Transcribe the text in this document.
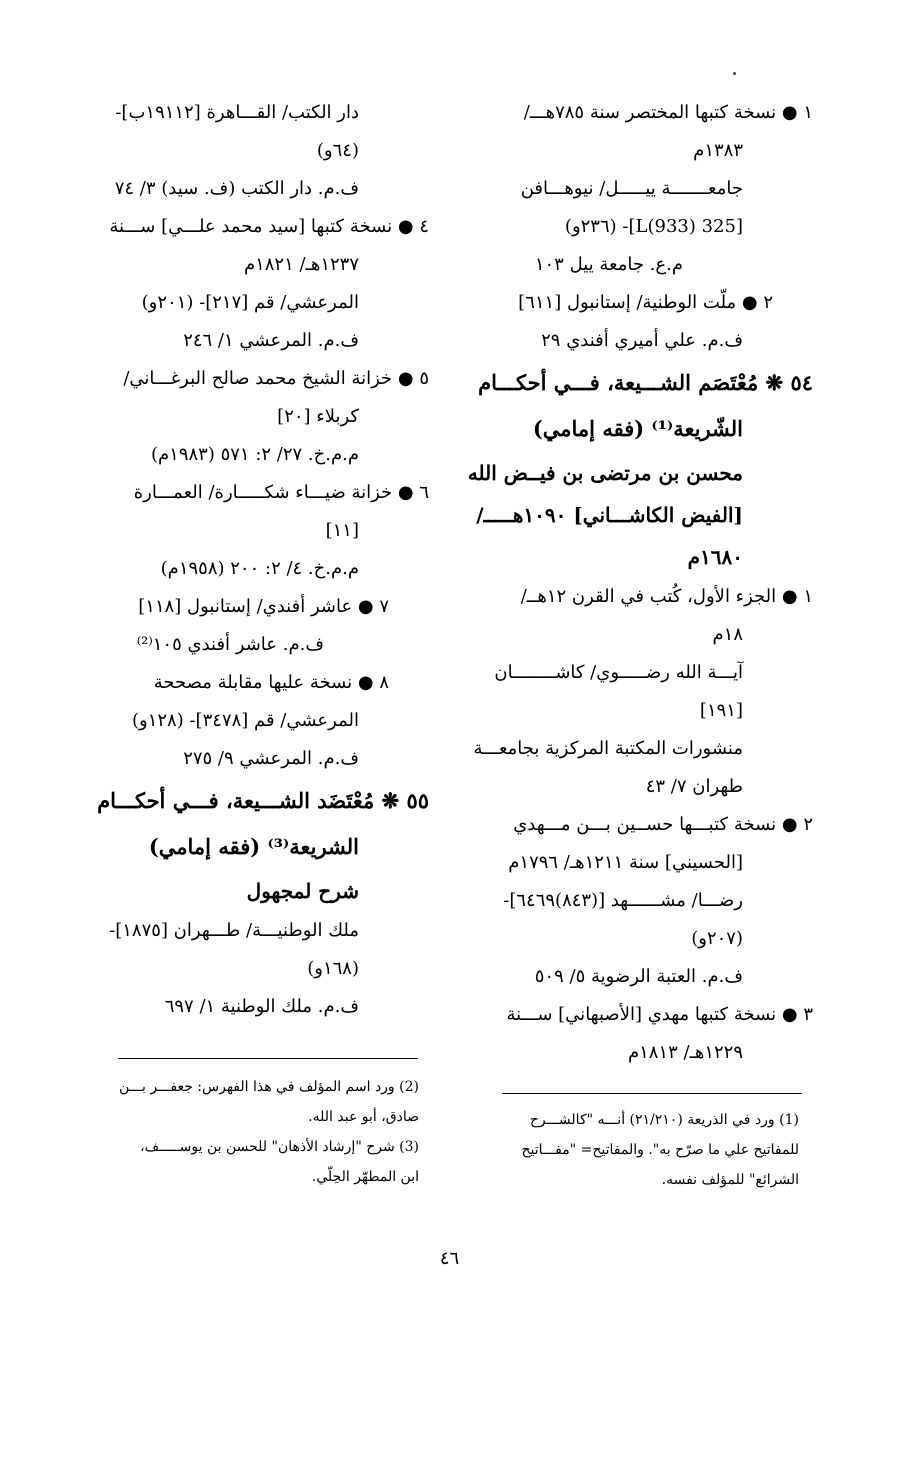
١ ● نسخة كتبها المختصر سنة ٧٨٥هـــ/
١٣٨٣م
جامعـــــــة ييـــــل/ نيوهـــافن
[325 L(933)]- (٢٣٦و)
م.ع. جامعة ييل ١٠٣
٢ ● ملّت الوطنية/ إستانبول [٦١١]
ف.م. علي أميري أفندي ٢٩
٥٤ ❋ مُعْتَصَم الشـــيعة، فـــي أحكـــام
الشّريعة⁽¹⁾ (فقه إمامي)
محسن بن مرتضى بن فيــض الله
[الفيض الكاشـــاني] ١٠٩٠هـــــ/
١٦٨٠م
١ ● الجزء الأول، كُتب في القرن ١٢هــ/
١٨م
آيـــة الله رضـــــوي/ كاشــــــــان
[١٩١]
منشورات المكتبة المركزية بجامعـــة
طهران ٧/ ٤٣
٢ ● نسخة كتبـــها حســين بـــن مـــهدي
[الحسيني] سنة ١٢١١هـ/ ١٧٩٦م
رضـــا/ مشــــــهد [(٨٤٣)٦٤٦٩]-
(٢٠٧و)
ف.م. العتبة الرضوية ٥/ ٥٠٩
٣ ● نسخة كتبها مهدي [الأصبهاني] ســـنة
١٢٢٩هـ/ ١٨١٣م
دار الكتب/ القـــاهرة [١٩١١٢ب]-
(٦٤و)
ف.م. دار الكتب (ف. سيد) ٣/ ٧٤
٤ ● نسخة كتبها [سيد محمد علـــي] ســـنة
١٢٣٧هـ/ ١٨٢١م
المرعشي/ قم [٢١٧]- (٢٠١و)
ف.م. المرعشي ١/ ٢٤٦
٥ ● خزانة الشيخ محمد صالح البرغـــاني/
كربلاء [٢٠]
م.م.خ. ٢٧/ ٢: ٥٧١ (١٩٨٣م)
٦ ● خزانة ضيـــاء شكـــــارة/ العمـــارة
[١١]
م.م.خ. ٤/ ٢: ٢٠٠ (١٩٥٨م)
٧ ● عاشر أفندي/ إستانبول [١١٨]
ف.م. عاشر أفندي ١٠٥⁽²⁾
٨ ● نسخة عليها مقابلة مصححة
المرعشي/ قم [٣٤٧٨]- (١٢٨و)
ف.م. المرعشي ٩/ ٢٧٥
٥٥ ❋ مُعْتَضَد الشـــيعة، فـــي أحكـــام
الشريعة⁽³⁾ (فقه إمامي)
شرح لمجهول
ملك الوطنيـــة/ طـــهران [١٨٧٥]-
(١٦٨و)
ف.م. ملك الوطنية ١/ ٦٩٧

(1) ورد في الذريعة (٢١/٢١٠) أنـــه "كالشـــرح

للمفاتيح علي ما صرّح به". والمفاتيح= "مفـــاتيح

الشرائع" للمؤلف نفسه.

(2) ورد اسم المؤلف في هذا الفهرس: جعفـــر بـــن

صادق، أبو عبد الله.

(3) شرح "إرشاد الأذهان" للحسن بن يوســـــف،

ابن المطهّر الحِلّي.

٤٦
